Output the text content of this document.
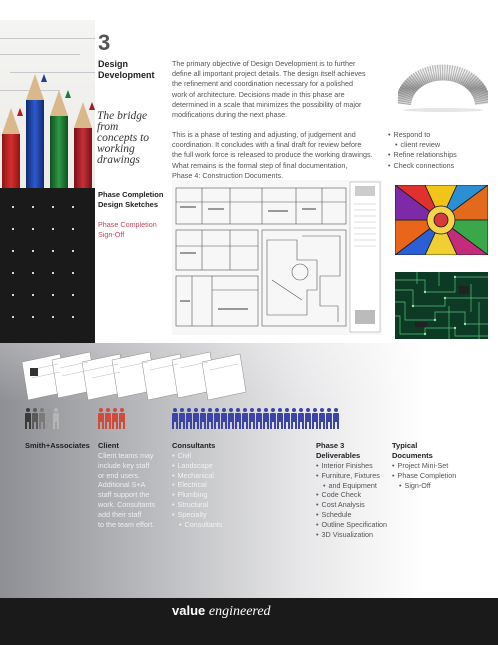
3
Design
Development
The bridge
from
concepts to
working
drawings
The primary objective of Design Development is to further
define all important project details. The design itself achieves
the refinement and coordination necessary for a polished
work of architecture. Decisions made in this phase are
determined in a scale that minimizes the possibility of major
modifications during the next phase.
This is a phase of testing and adjusting, of judgement and
coordination. It concludes with a final draft for review before
the full work force is released to produce the working drawings.
What remains is the formal step of final documentation,
Phase 4: Construction Documents.
• Respond to
• client review
• Refine relationships
• Check connections
Phase Completion
Design Sketches
Phase Completion
Sign-Off
Smith+Associates Client
Client teams may
include key staff
or end users.
Additional S+A
staff support the
work. Consultants
add their staff
to the team effort.
Consultants
• Civil
• Landscape
• Mechanical
• Electrical
• Plumbing
• Structural
• Specialty
• Consultants
Phase 3
Deliverables
• Interior Finishes
• Furniture, Fixtures
• and Equipment
• Code Check
• Cost Analysis
• Schedule
• Outline Specification
• 3D Visualization
Typical
Documents
• Project Mini-Set
• Phase Completion
• Sign-Off
value engineered
